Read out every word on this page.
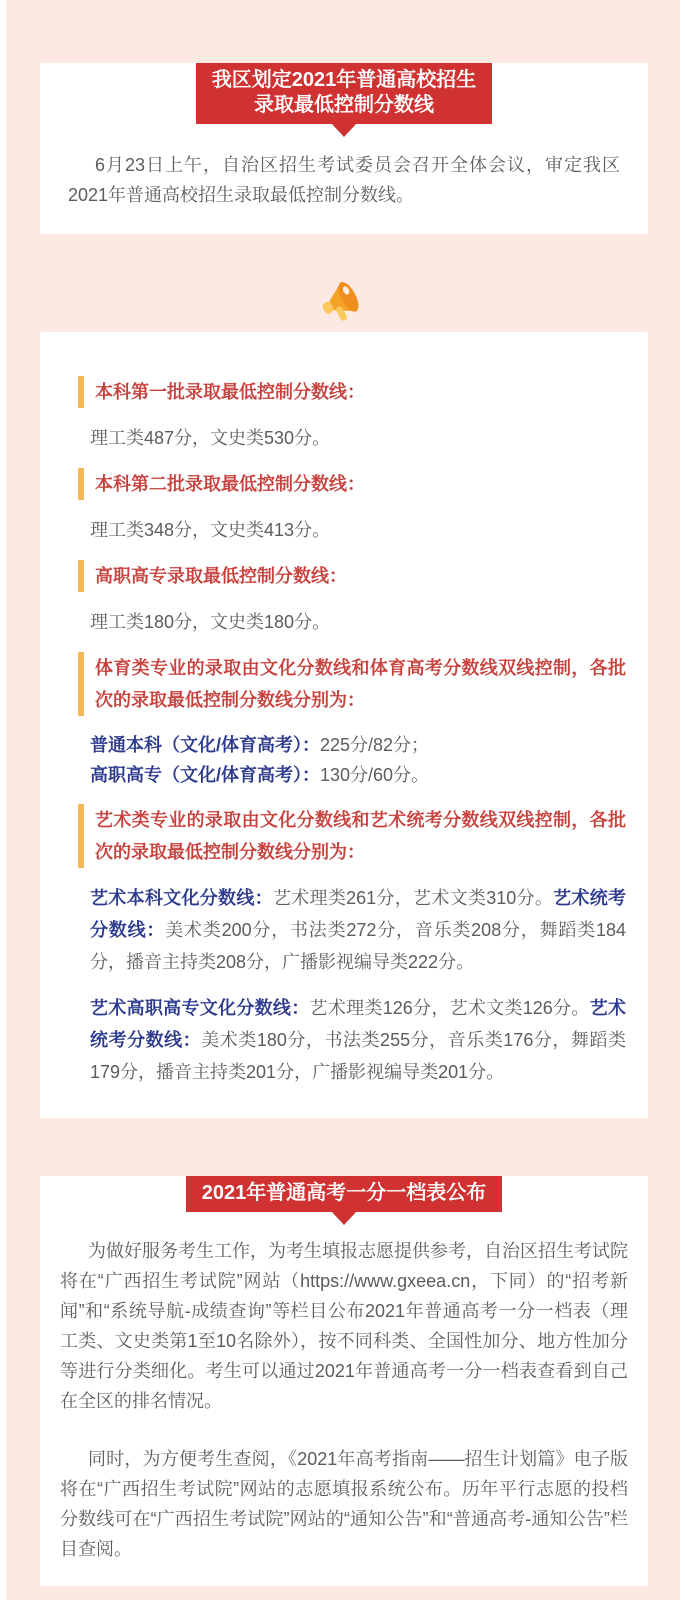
我区划定2021年普通高校招生
录取最低控制分数线

6月23日上午，自治区招生考试委员会召开全体会议，审定我区2021年普通高校招生录取最低控制分数线。

本科第一批录取最低控制分数线：
理工类487分，文史类530分。
本科第二批录取最低控制分数线：
理工类348分，文史类413分。
高职高专录取最低控制分数线：
理工类180分，文史类180分。
体育类专业的录取由文化分数线和体育高考分数线双线控制，各批次的录取最低控制分数线分别为：
普通本科（文化/体育高考）：225分/82分；
高职高专（文化/体育高考）：130分/60分。
艺术类专业的录取由文化分数线和艺术统考分数线双线控制，各批次的录取最低控制分数线分别为：

艺术本科文化分数线：艺术理类261分，艺术文类310分。艺术统考分数线：美术类200分，书法类272分，音乐类208分，舞蹈类184分，播音主持类208分，广播影视编导类222分。

艺术高职高专文化分数线：艺术理类126分，艺术文类126分。艺术统考分数线：美术类180分，书法类255分，音乐类176分，舞蹈类179分，播音主持类201分，广播影视编导类201分。

2021年普通高考一分一档表公布

为做好服务考生工作，为考生填报志愿提供参考，自治区招生考试院将在“广西招生考试院”网站（https://www.gxeea.cn，下同）的“招考新闻”和“系统导航-成绩查询”等栏目公布2021年普通高考一分一档表（理工类、文史类第1至10名除外），按不同科类、全国性加分、地方性加分等进行分类细化。考生可以通过2021年普通高考一分一档表查看到自己在全区的排名情况。

同时，为方便考生查阅，《2021年高考指南——招生计划篇》电子版将在“广西招生考试院”网站的志愿填报系统公布。历年平行志愿的投档分数线可在“广西招生考试院”网站的“通知公告”和“普通高考-通知公告”栏目查阅。
